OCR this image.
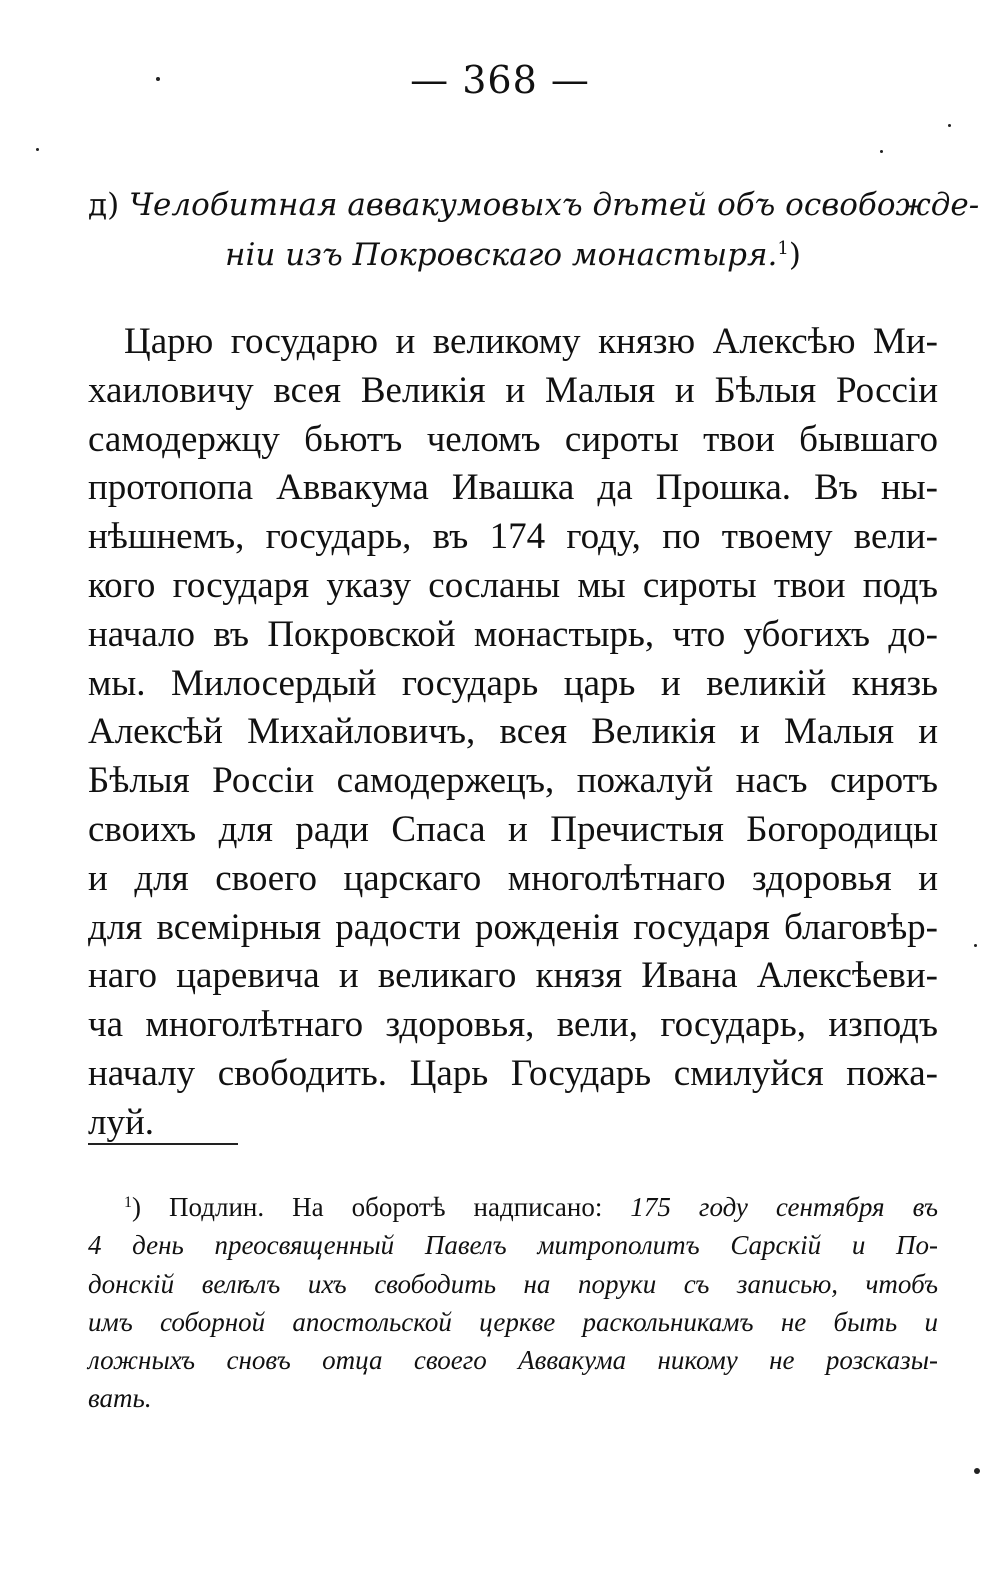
— 368 —
д) Челобитная аввакумовыхъ дѣтей объ освобожде-
нiи изъ Покровскаго монастыря.$^1$)
Царю государю и великому князю Алексѣю Ми-
хаиловичу всея Великiя и Малыя и Бѣлыя Россiи
самодержцу бьютъ челомъ сироты твои бывшаго
протопопа Аввакума Ивашка да Прошка. Въ ны-
нѣшнемъ, государь, въ 174 году, по твоему вели-
кого государя указу сосланы мы сироты твои подъ
начало въ Покровской монастырь, что убогихъ до-
мы. Милосердый государь царь и великiй князь
Алексѣй Михайловичъ, всея Великiя и Малыя и
Бѣлыя Россiи самодержецъ, пожалуй насъ сиротъ
своихъ для ради Спаса и Пречистыя Богородицы
и для своего царскаго многолѣтнаго здоровья и
для всемiрныя радости рожденiя государя благовѣр-
наго царевича и великаго князя Ивана Алексѣеви-
ча многолѣтнаго здоровья, вели, государь, изподъ
началу свободить. Царь Государь смилуйся пожа-
луй.
$^1$) Подлин. На оборотѣ надписано: 175 году сентября въ
4 день преосвященный Павелъ митрополитъ Сарскiй и По-
донскiй велѣлъ ихъ свободить на поруки съ записью, чтобъ
имъ соборной апостольской церкве раскольникамъ не быть и
ложныхъ сновъ отца своего Аввакума никому не розсказы-
вать.
